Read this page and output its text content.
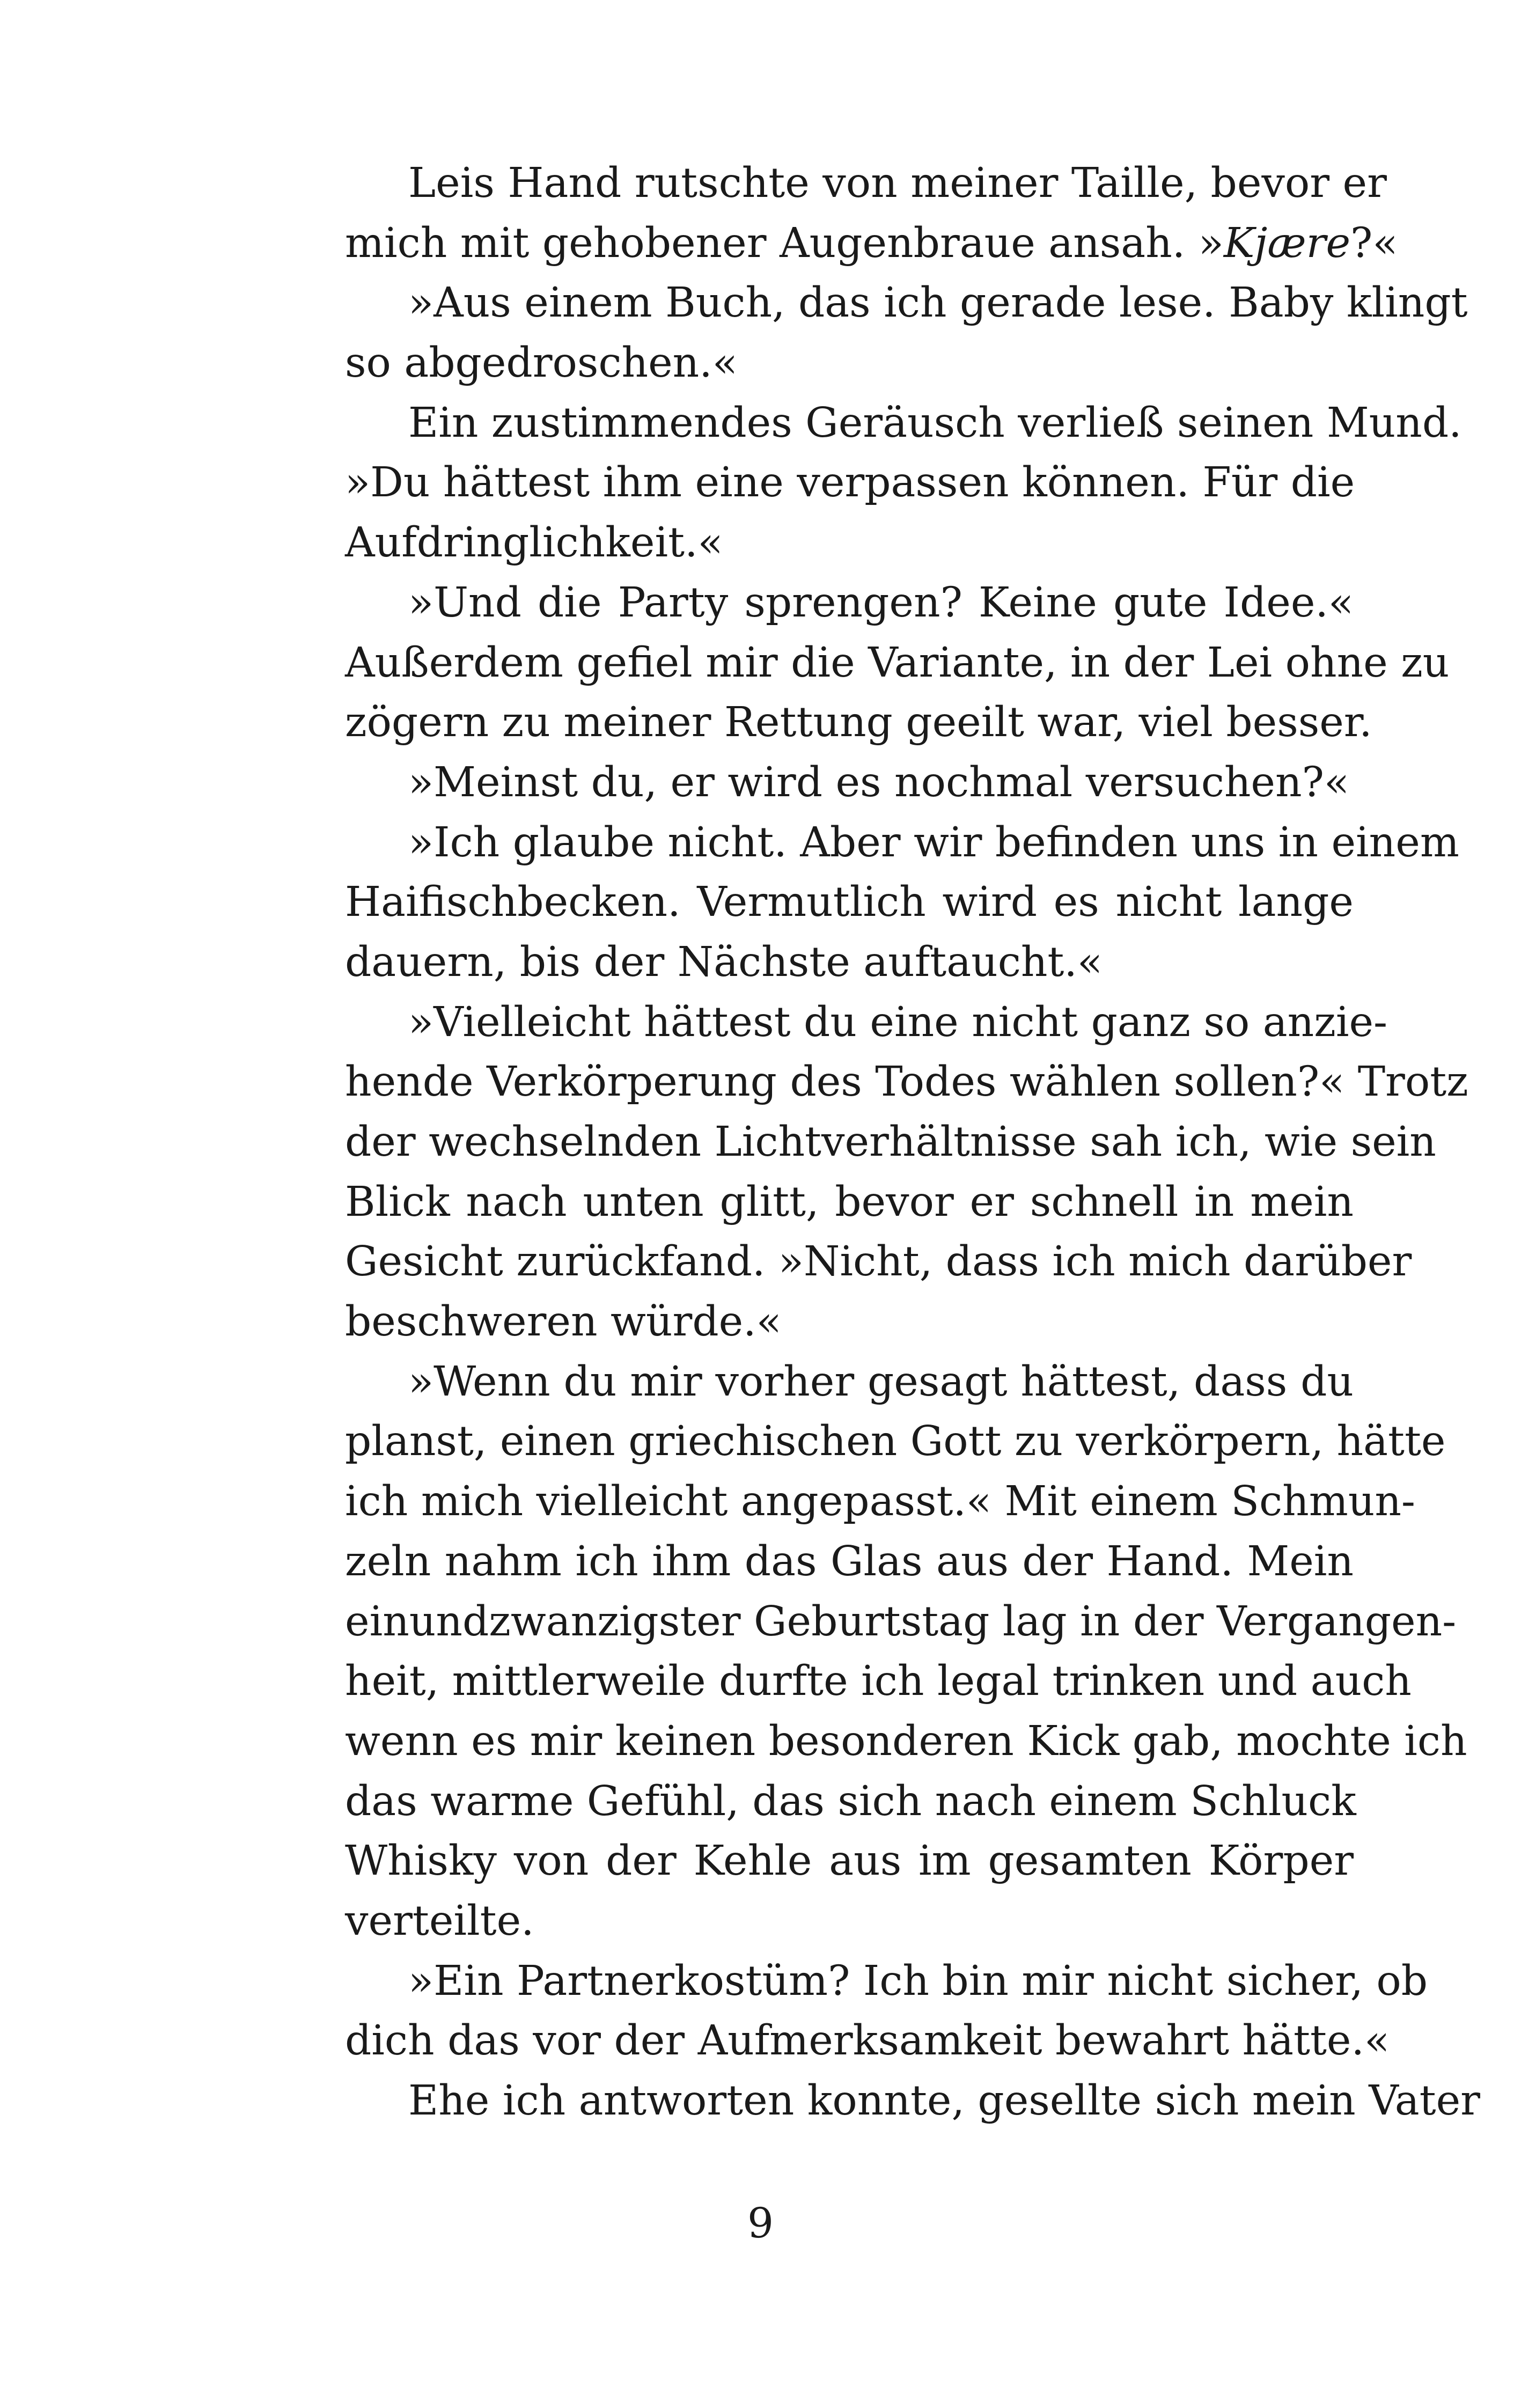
Leis Hand rutschte von meiner Taille, bevor er
mich mit gehobener Augenbraue ansah. »Kjære?«
»Aus einem Buch, das ich gerade lese. Baby klingt
so abgedroschen.«
Ein zustimmendes Geräusch verließ seinen Mund.
»Du hättest ihm eine verpassen können. Für die
Aufdringlichkeit.«
»Und die Party sprengen? Keine gute Idee.«
Außerdem gefiel mir die Variante, in der Lei ohne zu
zögern zu meiner Rettung geeilt war, viel besser.
»Meinst du, er wird es nochmal versuchen?«
»Ich glaube nicht. Aber wir befinden uns in einem
Haifischbecken. Vermutlich wird es nicht lange
dauern, bis der Nächste auftaucht.«
»Vielleicht hättest du eine nicht ganz so anzie-
hende Verkörperung des Todes wählen sollen?« Trotz
der wechselnden Lichtverhältnisse sah ich, wie sein
Blick nach unten glitt, bevor er schnell in mein
Gesicht zurückfand. »Nicht, dass ich mich darüber
beschweren würde.«
»Wenn du mir vorher gesagt hättest, dass du
planst, einen griechischen Gott zu verkörpern, hätte
ich mich vielleicht angepasst.« Mit einem Schmun-
zeln nahm ich ihm das Glas aus der Hand. Mein
einundzwanzigster Geburtstag lag in der Vergangen-
heit, mittlerweile durfte ich legal trinken und auch
wenn es mir keinen besonderen Kick gab, mochte ich
das warme Gefühl, das sich nach einem Schluck
Whisky von der Kehle aus im gesamten Körper
verteilte.
»Ein Partnerkostüm? Ich bin mir nicht sicher, ob
dich das vor der Aufmerksamkeit bewahrt hätte.«
Ehe ich antworten konnte, gesellte sich mein Vater
9
